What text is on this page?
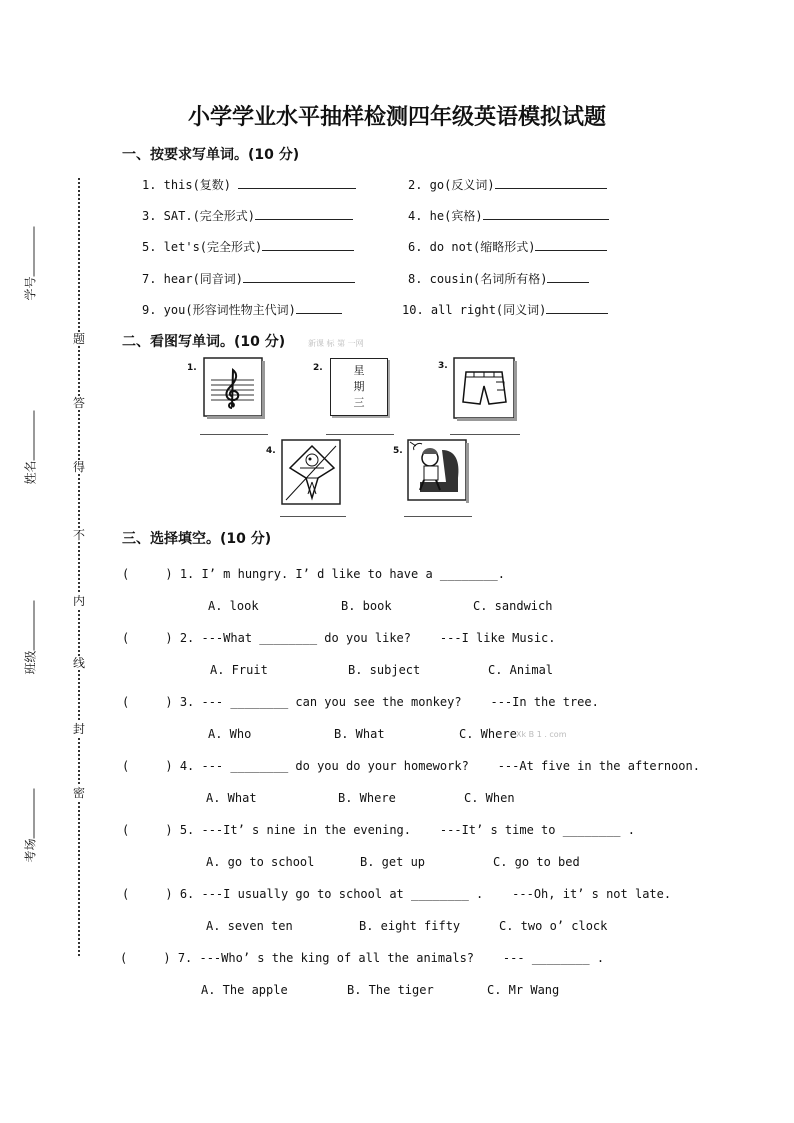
题
答
得
不
内
线
封
密
学号
姓名
班级
考场
小学学业水平抽样检测四年级英语模拟试题
一、按要求写单词。(10 分)
1. this(复数)	2. go(反义词)
3. SAT.(完全形式)	4. he(宾格)
5. let's(完全形式)	6. do not(缩略形式)
7. hear(同音词)	8. cousin(名词所有格)
9. you(形容词性物主代词)	10. all right(同义词)
二、看图写单词。(10 分)	新课 标 第 一网
1.	2.	星
期
三
3.
4.	5.
三、选择填空。(10 分)
(     ) 1. I’ m hungry. I’ d like to have a ________.
A. look	B. book	C. sandwich
(     ) 2. ---What ________ do you like?    ---I like Music.
A. Fruit	B. subject	C. Animal
(     ) 3. --- ________ can you see the monkey?    ---In the tree.
A. Who	B. What	C. Where Xk B 1 . com
(     ) 4. --- ________ do you do your homework?    ---At five in the afternoon.
A. What	B. Where	C. When
(     ) 5. ---It’ s nine in the evening.    ---It’ s time to ________ .
A. go to school	B. get up	C. go to bed
(     ) 6. ---I usually go to school at ________ .    ---Oh, it’ s not late.
A. seven ten	B. eight fifty	C. two o’ clock
(     ) 7. ---Who’ s the king of all the animals?    --- ________ .
A. The apple	B. The tiger	C. Mr Wang
